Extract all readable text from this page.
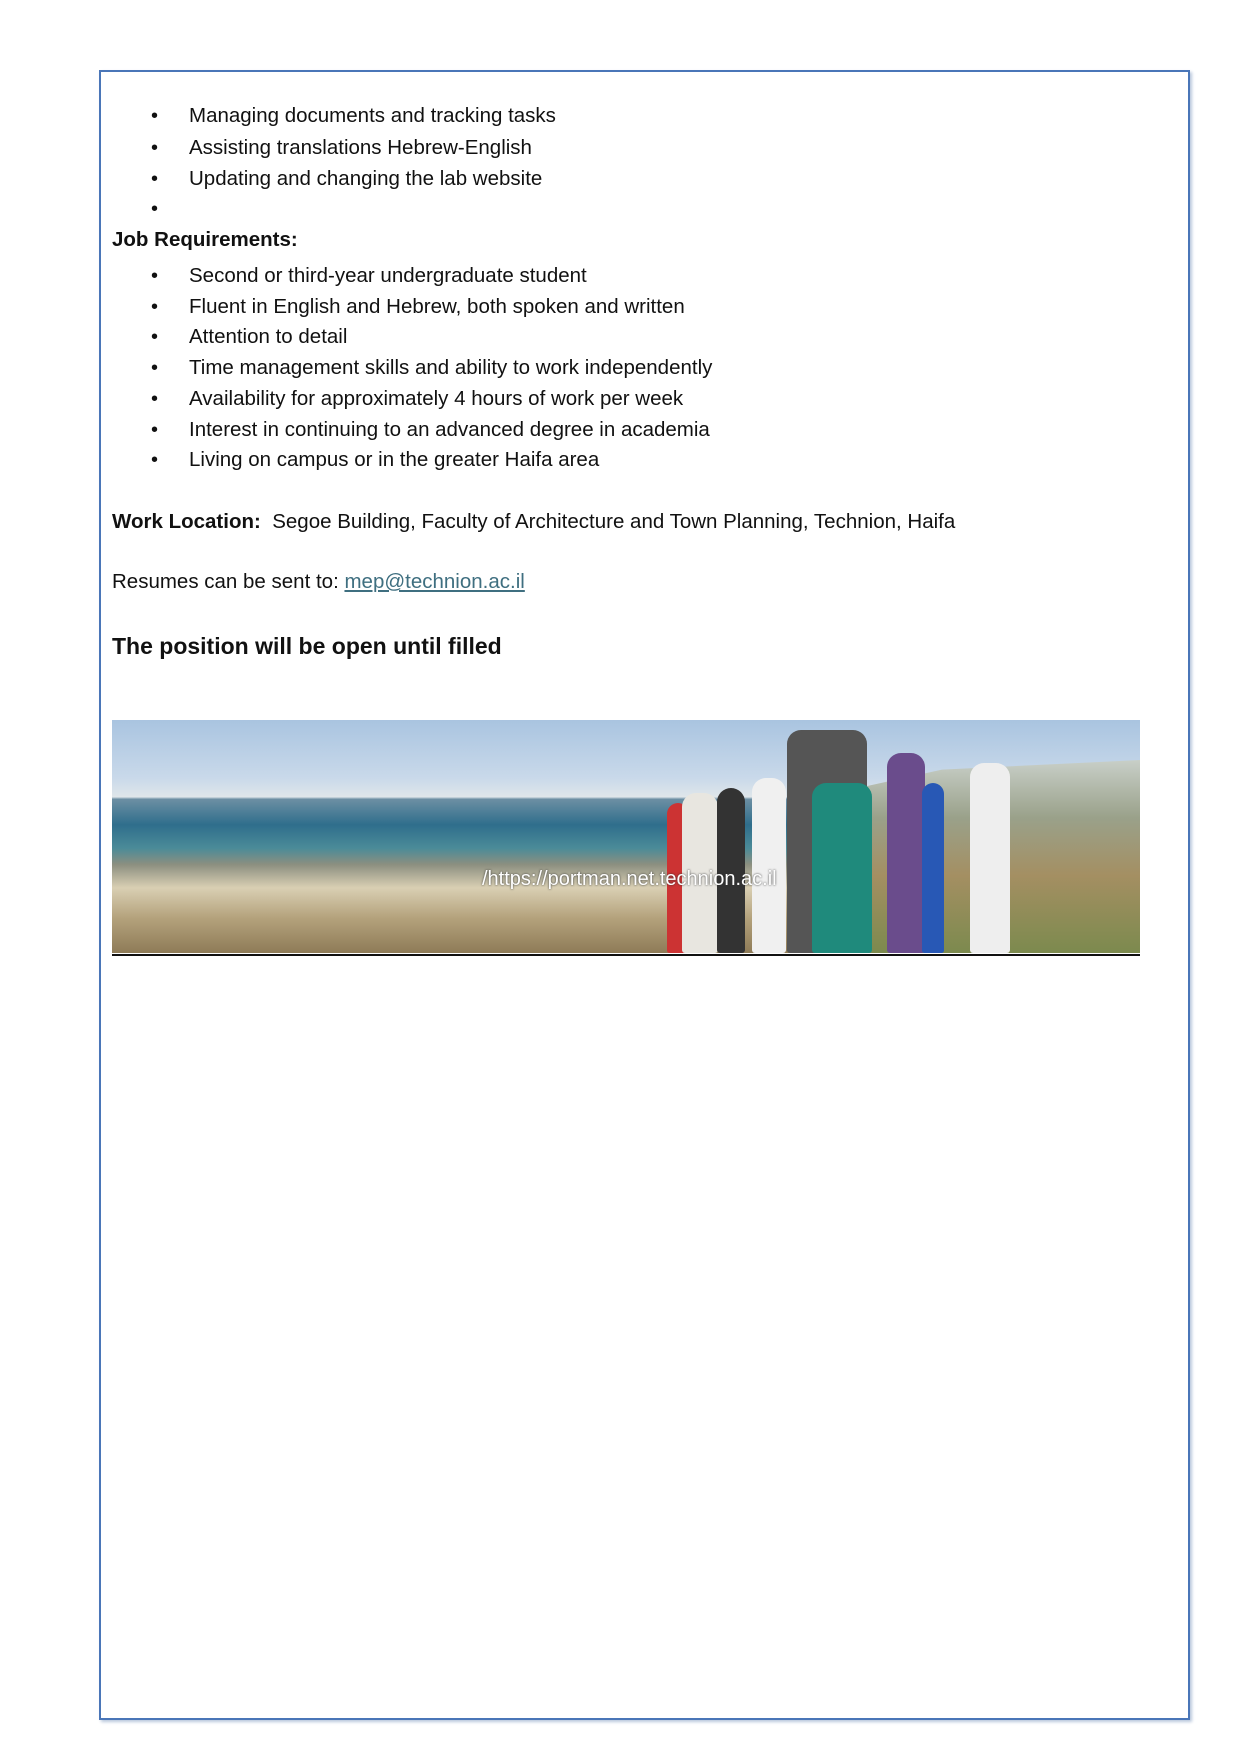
• Managing documents and tracking tasks
• Assisting translations Hebrew-English
• Updating and changing the lab website
•
Job Requirements:
• Second or third-year undergraduate student
• Fluent in English and Hebrew, both spoken and written
• Attention to detail
• Time management skills and ability to work independently
• Availability for approximately 4 hours of work per week
• Interest in continuing to an advanced degree in academia
• Living on campus or in the greater Haifa area
Work Location: Segoe Building, Faculty of Architecture and Town Planning, Technion, Haifa
Resumes can be sent to: mep@technion.ac.il
The position will be open until filled
/https://portman.net.technion.ac.il
